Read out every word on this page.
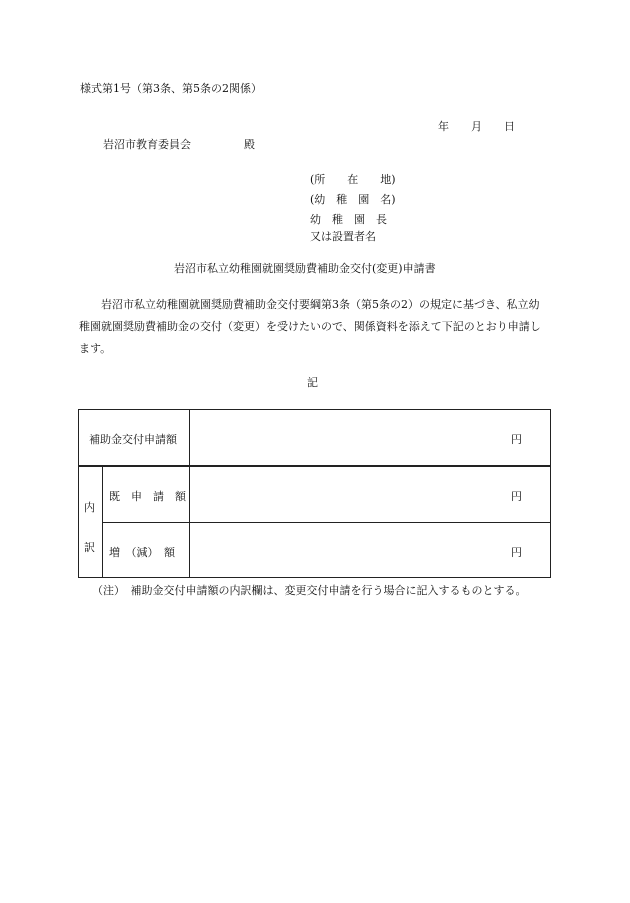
様式第1号（第3条、第5条の2関係）
年　　月　　日
岩沼市教育委員会	殿
(所　　在　　地)
(幼　稚　園　名)
幼　稚　園　長
又は設置者名
岩沼市私立幼稚園就園奨励費補助金交付(変更)申請書
岩沼市私立幼稚園就園奨励費補助金交付要綱第3条（第5条の2）の規定に基づき、私立幼稚園就園奨励費補助金の交付（変更）を受けたいので、関係資料を添えて下記のとおり申請します。
記
補助金交付申請額	円
内
訳
既　申　請　額	円
増　（減）　額	円
（注）　補助金交付申請額の内訳欄は、変更交付申請を行う場合に記入するものとする。
